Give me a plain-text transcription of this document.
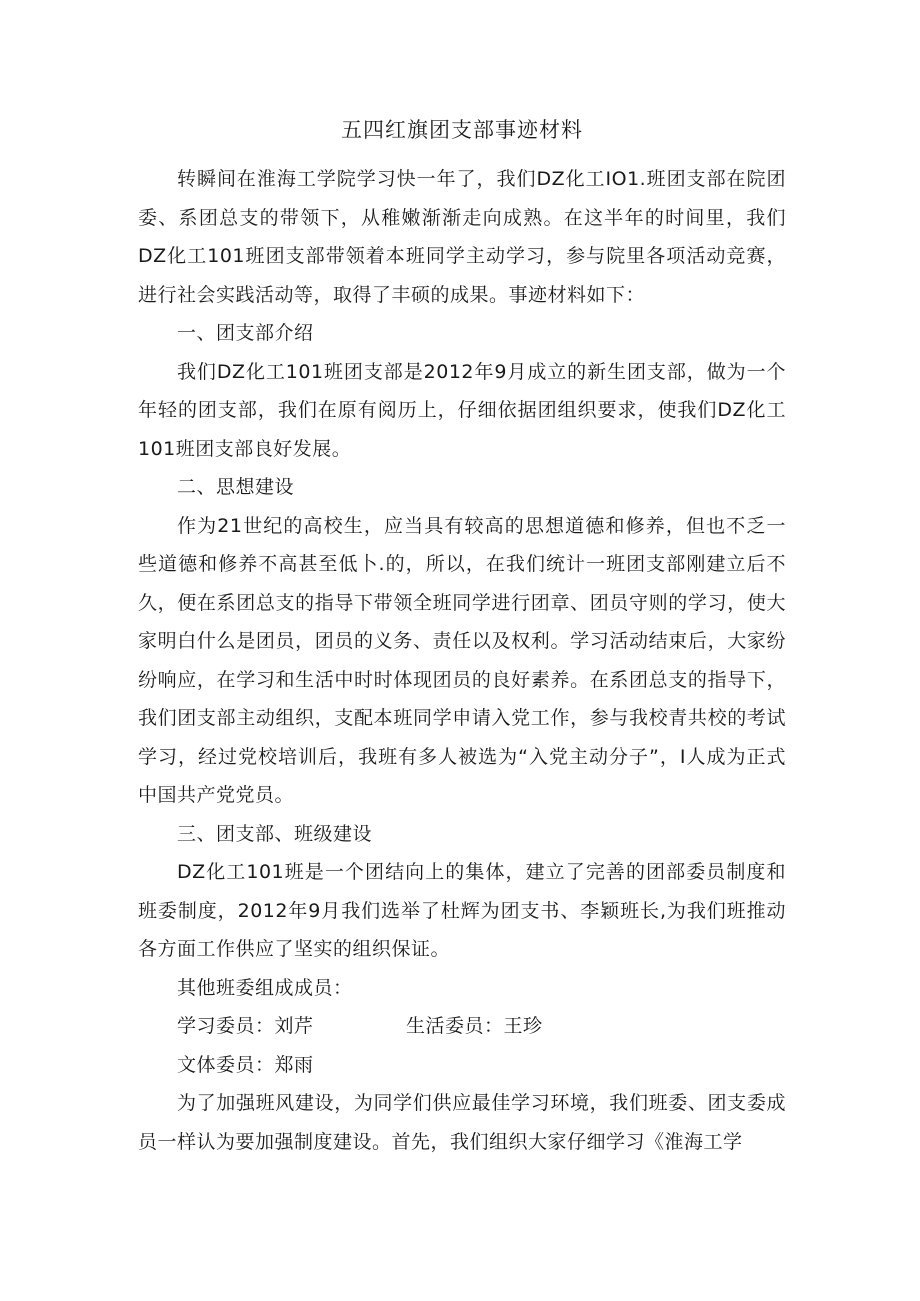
五四红旗团支部事迹材料

转瞬间在淮海工学院学习快一年了，我们DZ化工IO1.班团支部在院团委、系团总支的带领下，从稚嫩渐渐走向成熟。在这半年的时间里，我们DZ化工101班团支部带领着本班同学主动学习，参与院里各项活动竞赛，进行社会实践活动等，取得了丰硕的成果。事迹材料如下：

一、团支部介绍

我们DZ化工101班团支部是2012年9月成立的新生团支部，做为一个年轻的团支部，我们在原有阅历上，仔细依据团组织要求，使我们DZ化工101班团支部良好发展。

二、思想建设

作为21世纪的高校生，应当具有较高的思想道德和修养，但也不乏一些道德和修养不高甚至低卜.的，所以，在我们统计一班团支部刚建立后不久，便在系团总支的指导下带领全班同学进行团章、团员守则的学习，使大家明白什么是团员，团员的义务、责任以及权利。学习活动结束后，大家纷纷响应，在学习和生活中时时体现团员的良好素养。在系团总支的指导下，我们团支部主动组织，支配本班同学申请入党工作，参与我校青共校的考试学习，经过党校培训后，我班有多人被选为“入党主动分子”，I人成为正式中国共产党党员。

三、团支部、班级建设

DZ化工101班是一个团结向上的集体，建立了完善的团部委员制度和班委制度，2012年9月我们选举了杜辉为团支书、李颖班长,为我们班推动各方面工作供应了坚实的组织保证。

其他班委组成成员：

学习委员：刘芹	生活委员：王珍
文体委员：郑雨

为了加强班风建设，为同学们供应最佳学习环境，我们班委、团支委成员一样认为要加强制度建设。首先，我们组织大家仔细学习《淮海工学
